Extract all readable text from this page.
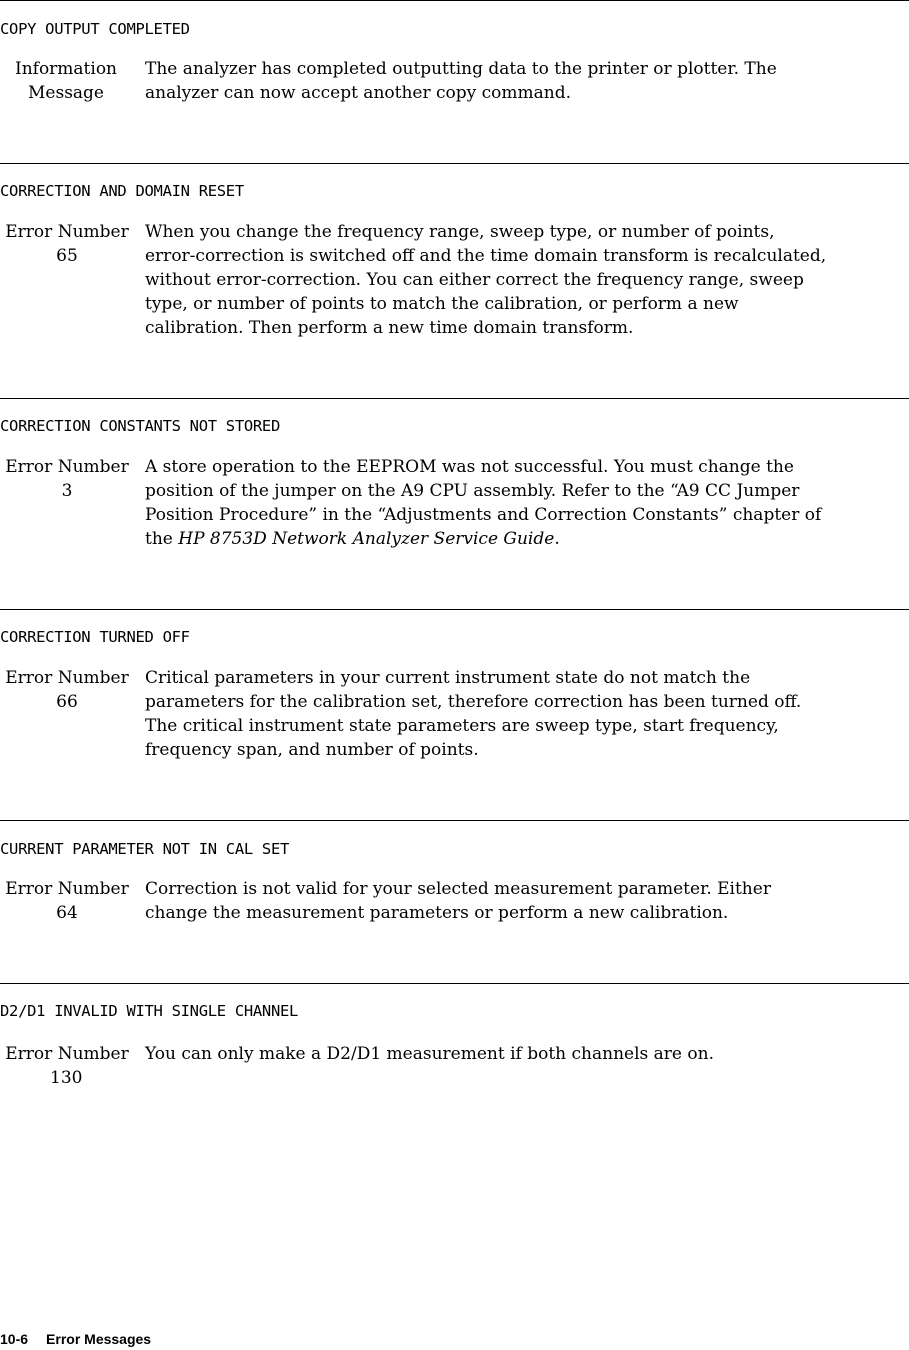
COPY OUTPUT COMPLETED
Information
Message
The analyzer has completed outputting data to the printer or plotter. The
analyzer can now accept another copy command.
CORRECTION AND DOMAIN RESET
Error Number
65
When you change the frequency range, sweep type, or number of points,
error-correction is switched off and the time domain transform is recalculated,
without error-correction. You can either correct the frequency range, sweep
type, or number of points to match the calibration, or perform a new
calibration. Then perform a new time domain transform.
CORRECTION CONSTANTS NOT STORED
Error Number
3
A store operation to the EEPROM was not successful. You must change the
position of the jumper on the A9 CPU assembly. Refer to the “A9 CC Jumper
Position Procedure” in the “Adjustments and Correction Constants” chapter of
the HP 8753D Network Analyzer Service Guide.
CORRECTION TURNED OFF
Error Number
66
Critical parameters in your current instrument state do not match the
parameters for the calibration set, therefore correction has been turned off.
The critical instrument state parameters are sweep type, start frequency,
frequency span, and number of points.
CURRENT PARAMETER NOT IN CAL SET
Error Number
64
Correction is not valid for your selected measurement parameter. Either
change the measurement parameters or perform a new calibration.
D2/D1 INVALID WITH SINGLE CHANNEL
Error Number
130
You can only make a D2/D1 measurement if both channels are on.
10-6 Error Messages
